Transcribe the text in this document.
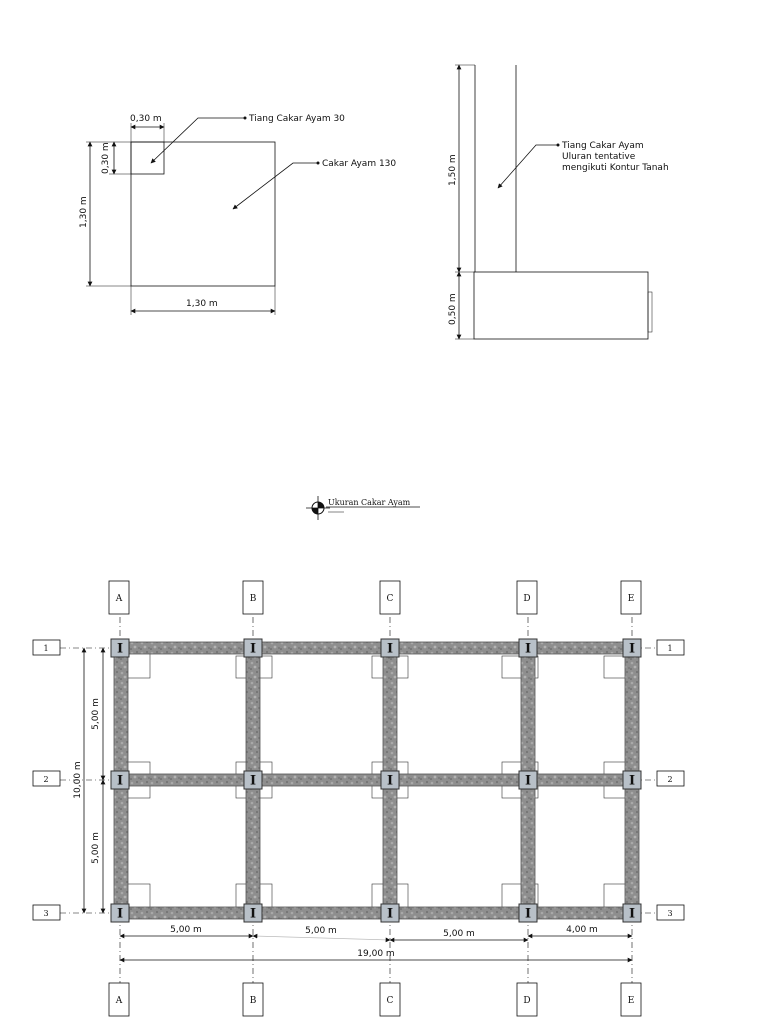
0,30 m
0,30 m
1,30 m
1,30 m
Tiang Cakar Ayam 30
Cakar Ayam 130	1,50 m
0,50 m
Tiang Cakar Ayam
Uluran tentative
mengikuti Kontur Tanah
Ukuran Cakar Ayam
I	I	I	I	I
I	I	I	I	I
I	I	I	I	I
A	B	C	D	E
A	B	C	D	E
1
2
3
1
2
3
5,00 m	5,00 m	5,00 m	4,00 m
19,00 m
5,00 m
5,00 m
10,00 m
